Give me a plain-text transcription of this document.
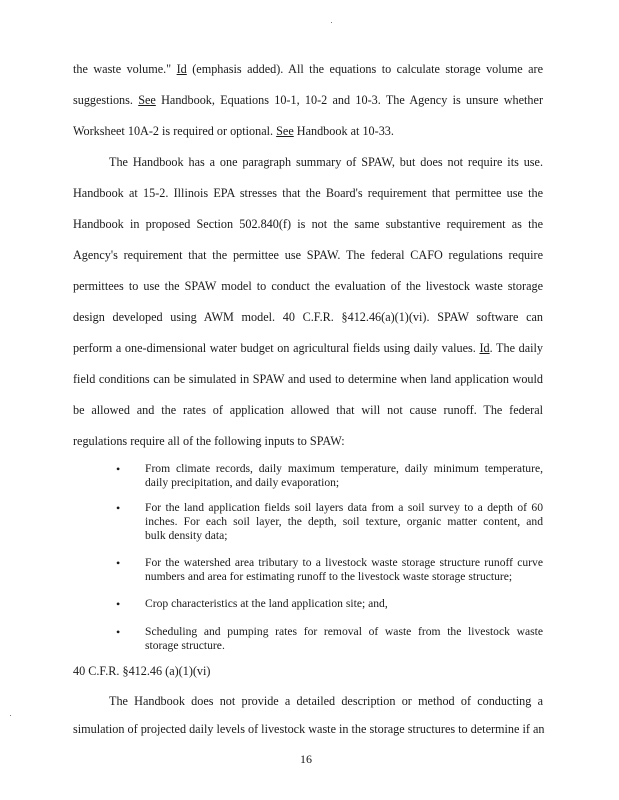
the waste volume." Id (emphasis added). All the equations to calculate storage volume are
suggestions. See Handbook, Equations 10-1, 10-2 and 10-3. The Agency is unsure whether
Worksheet 10A-2 is required or optional. See Handbook at 10-33.
The Handbook has a one paragraph summary of SPAW, but does not require its use.
Handbook at 15-2. Illinois EPA stresses that the Board's requirement that permittee use the
Handbook in proposed Section 502.840(f) is not the same substantive requirement as the
Agency's requirement that the permittee use SPAW. The federal CAFO regulations require
permittees to use the SPAW model to conduct the evaluation of the livestock waste storage
design developed using AWM model. 40 C.F.R. §412.46(a)(1)(vi). SPAW software can
perform a one-dimensional water budget on agricultural fields using daily values. Id. The daily
field conditions can be simulated in SPAW and used to determine when land application would
be allowed and the rates of application allowed that will not cause runoff. The federal
regulations require all of the following inputs to SPAW:
• From climate records, daily maximum temperature, daily minimum temperature,
daily precipitation, and daily evaporation;
• For the land application fields soil layers data from a soil survey to a depth of 60
inches. For each soil layer, the depth, soil texture, organic matter content, and
bulk density data;
• For the watershed area tributary to a livestock waste storage structure runoff curve
numbers and area for estimating runoff to the livestock waste storage structure;
• Crop characteristics at the land application site; and,
• Scheduling and pumping rates for removal of waste from the livestock waste
storage structure.
40 C.F.R. §412.46 (a)(1)(vi)
The Handbook does not provide a detailed description or method of conducting a
simulation of projected daily levels of livestock waste in the storage structures to determine if an
16
